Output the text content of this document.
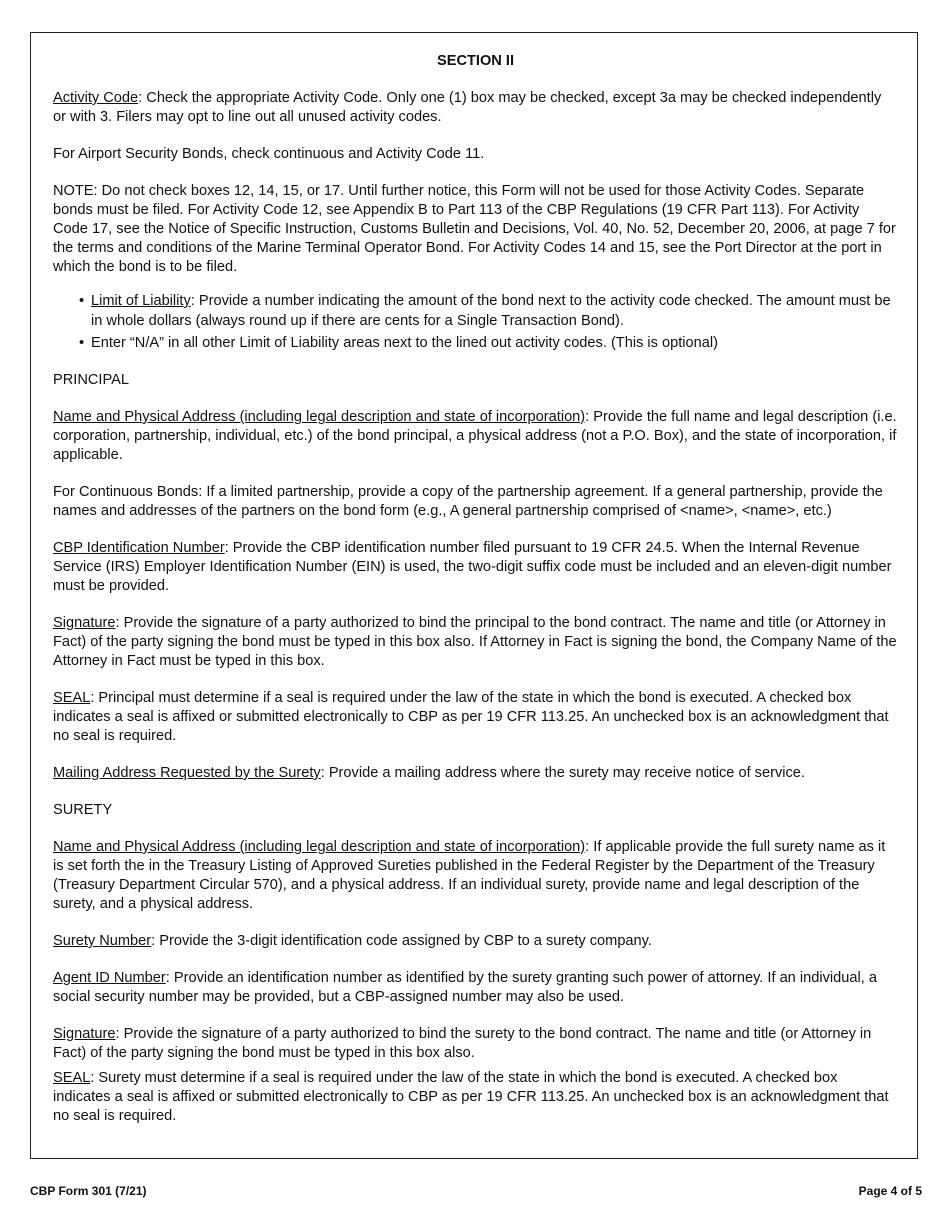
SECTION II

Activity Code: Check the appropriate Activity Code. Only one (1) box may be checked, except 3a may be checked independently or with 3. Filers may opt to line out all unused activity codes.

For Airport Security Bonds, check continuous and Activity Code 11.

NOTE: Do not check boxes 12, 14, 15, or 17. Until further notice, this Form will not be used for those Activity Codes. Separate bonds must be filed. For Activity Code 12, see Appendix B to Part 113 of the CBP Regulations (19 CFR Part 113). For Activity Code 17, see the Notice of Specific Instruction, Customs Bulletin and Decisions, Vol. 40, No. 52, December 20, 2006, at page 7 for the terms and conditions of the Marine Terminal Operator Bond. For Activity Codes 14 and 15, see the Port Director at the port in which the bond is to be filed.

• Limit of Liability: Provide a number indicating the amount of the bond next to the activity code checked. The amount must be in whole dollars (always round up if there are cents for a Single Transaction Bond).
• Enter “N/A” in all other Limit of Liability areas next to the lined out activity codes. (This is optional)

PRINCIPAL

Name and Physical Address (including legal description and state of incorporation): Provide the full name and legal description (i.e. corporation, partnership, individual, etc.) of the bond principal, a physical address (not a P.O. Box), and the state of incorporation, if applicable.

For Continuous Bonds: If a limited partnership, provide a copy of the partnership agreement. If a general partnership, provide the names and addresses of the partners on the bond form (e.g., A general partnership comprised of <name>, <name>, etc.)

CBP Identification Number: Provide the CBP identification number filed pursuant to 19 CFR 24.5. When the Internal Revenue Service (IRS) Employer Identification Number (EIN) is used, the two-digit suffix code must be included and an eleven-digit number must be provided.

Signature: Provide the signature of a party authorized to bind the principal to the bond contract. The name and title (or Attorney in Fact) of the party signing the bond must be typed in this box also. If Attorney in Fact is signing the bond, the Company Name of the Attorney in Fact must be typed in this box.

SEAL: Principal must determine if a seal is required under the law of the state in which the bond is executed. A checked box indicates a seal is affixed or submitted electronically to CBP as per 19 CFR 113.25. An unchecked box is an acknowledgment that no seal is required.

Mailing Address Requested by the Surety: Provide a mailing address where the surety may receive notice of service.

SURETY

Name and Physical Address (including legal description and state of incorporation): If applicable provide the full surety name as it is set forth the in the Treasury Listing of Approved Sureties published in the Federal Register by the Department of the Treasury (Treasury Department Circular 570), and a physical address. If an individual surety, provide name and legal description of the surety, and a physical address.

Surety Number: Provide the 3-digit identification code assigned by CBP to a surety company.

Agent ID Number: Provide an identification number as identified by the surety granting such power of attorney. If an individual, a social security number may be provided, but a CBP-assigned number may also be used.

Signature: Provide the signature of a party authorized to bind the surety to the bond contract. The name and title (or Attorney in Fact) of the party signing the bond must be typed in this box also.

SEAL: Surety must determine if a seal is required under the law of the state in which the bond is executed. A checked box indicates a seal is affixed or submitted electronically to CBP as per 19 CFR 113.25. An unchecked box is an acknowledgment that no seal is required.

CBP Form 301 (7/21)	Page 4 of 5
